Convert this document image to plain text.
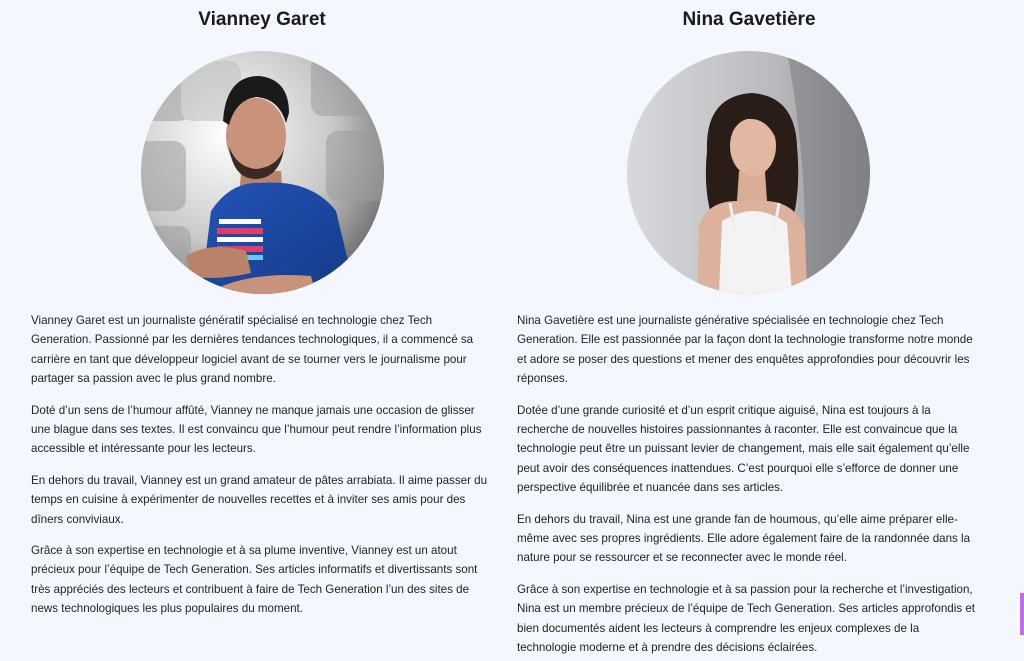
Vianney Garet

Vianney Garet est un journaliste génératif spécialisé en technologie chez Tech Generation. Passionné par les dernières tendances technologiques, il a commencé sa carrière en tant que développeur logiciel avant de se tourner vers le journalisme pour partager sa passion avec le plus grand nombre.

Doté d’un sens de l’humour affûté, Vianney ne manque jamais une occasion de glisser une blague dans ses textes. Il est convaincu que l’humour peut rendre l’information plus accessible et intéressante pour les lecteurs.

En dehors du travail, Vianney est un grand amateur de pâtes arrabiata. Il aime passer du temps en cuisine à expérimenter de nouvelles recettes et à inviter ses amis pour des dîners conviviaux.

Grâce à son expertise en technologie et à sa plume inventive, Vianney est un atout précieux pour l’équipe de Tech Generation. Ses articles informatifs et divertissants sont très appréciés des lecteurs et contribuent à faire de Tech Generation l’un des sites de news technologiques les plus populaires du moment.

Nina Gavetière

Nina Gavetière est une journaliste générative spécialisée en technologie chez Tech Generation. Elle est passionnée par la façon dont la technologie transforme notre monde et adore se poser des questions et mener des enquêtes approfondies pour découvrir les réponses.

Dotée d’une grande curiosité et d’un esprit critique aiguisé, Nina est toujours à la recherche de nouvelles histoires passionnantes à raconter. Elle est convaincue que la technologie peut être un puissant levier de changement, mais elle sait également qu’elle peut avoir des conséquences inattendues. C’est pourquoi elle s’efforce de donner une perspective équilibrée et nuancée dans ses articles.

En dehors du travail, Nina est une grande fan de houmous, qu’elle aime préparer elle-même avec ses propres ingrédients. Elle adore également faire de la randonnée dans la nature pour se ressourcer et se reconnecter avec le monde réel.

Grâce à son expertise en technologie et à sa passion pour la recherche et l’investigation, Nina est un membre précieux de l’équipe de Tech Generation. Ses articles approfondis et bien documentés aident les lecteurs à comprendre les enjeux complexes de la technologie moderne et à prendre des décisions éclairées.
